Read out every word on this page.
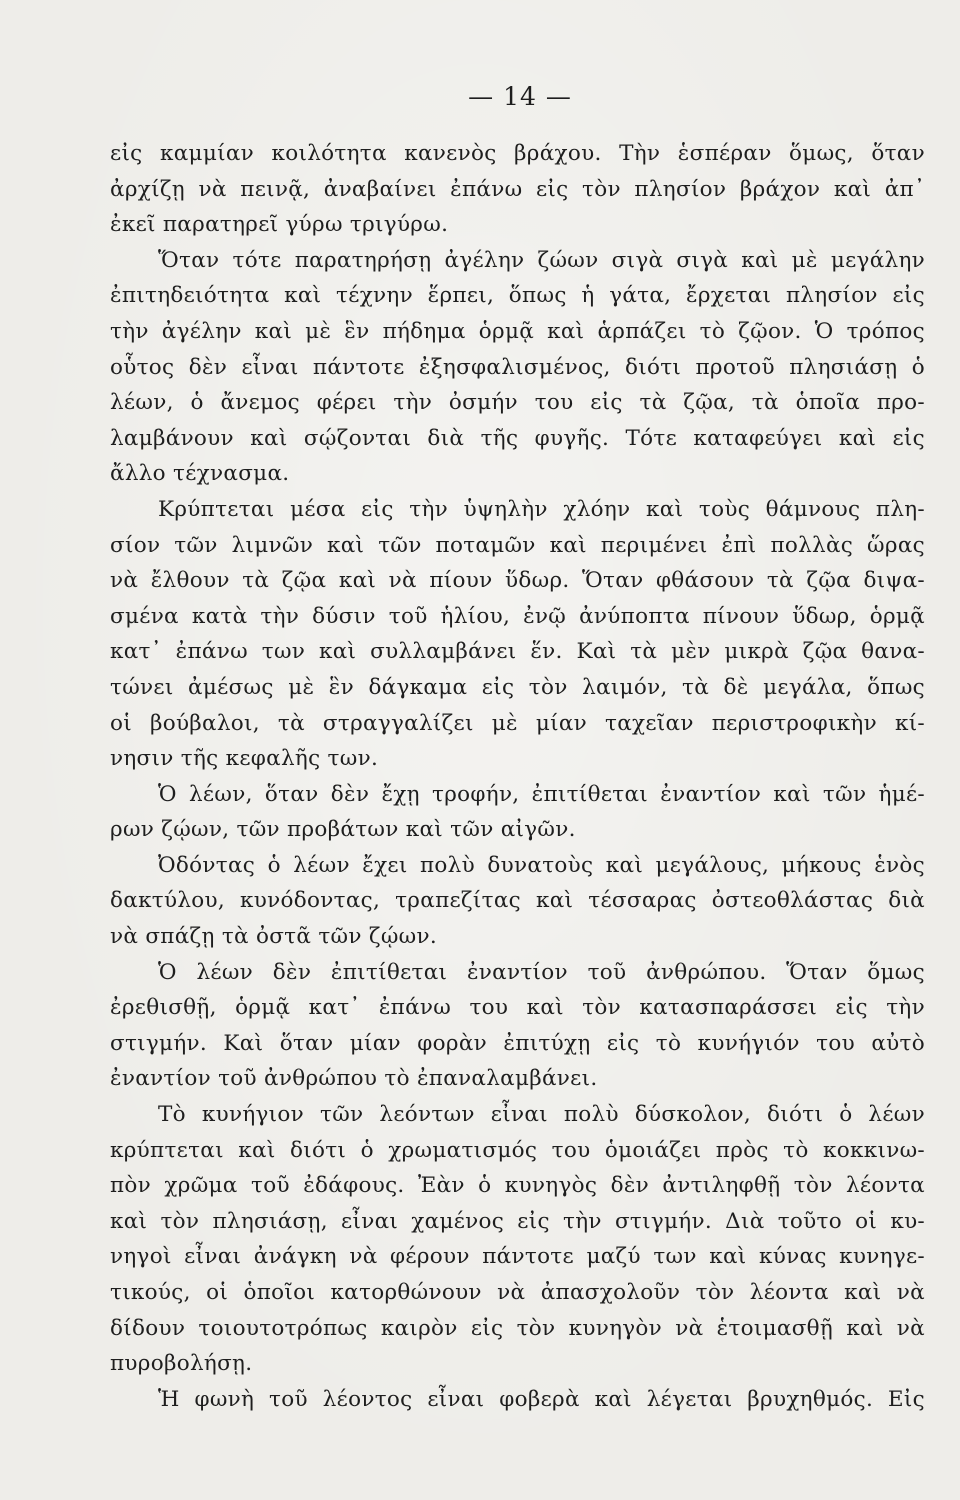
— 14 —
εἰς καμμίαν κοιλότητα κανενὸς βράχου. Τὴν ἑσπέραν ὅμως, ὅταν
ἀρχίζῃ νὰ πεινᾷ, ἀναβαίνει ἐπάνω εἰς τὸν πλησίον βράχον καὶ ἀπ᾿
ἐκεῖ παρατηρεῖ γύρω τριγύρω.
Ὅταν τότε παρατηρήσῃ ἀγέλην ζώων σιγὰ σιγὰ καὶ μὲ μεγάλην
ἐπιτηδειότητα καὶ τέχνην ἕρπει, ὅπως ἡ γάτα, ἔρχεται πλησίον εἰς
τὴν ἀγέλην καὶ μὲ ἓν πήδημα ὁρμᾷ καὶ ἁρπάζει τὸ ζῷον. Ὁ τρόπος
οὗτος δὲν εἶναι πάντοτε ἐξησφαλισμένος, διότι προτοῦ πλησιάσῃ ὁ
λέων, ὁ ἄνεμος φέρει τὴν ὀσμήν του εἰς τὰ ζῷα, τὰ ὁποῖα προ-
λαμβάνουν καὶ σῴζονται διὰ τῆς φυγῆς. Τότε καταφεύγει καὶ εἰς
ἄλλο τέχνασμα.
Κρύπτεται μέσα εἰς τὴν ὑψηλὴν χλόην καὶ τοὺς θάμνους πλη-
σίον τῶν λιμνῶν καὶ τῶν ποταμῶν καὶ περιμένει ἐπὶ πολλὰς ὥρας
νὰ ἔλθουν τὰ ζῷα καὶ νὰ πίουν ὕδωρ. Ὅταν φθάσουν τὰ ζῷα διψα-
σμένα κατὰ τὴν δύσιν τοῦ ἡλίου, ἐνῷ ἀνύποπτα πίνουν ὕδωρ, ὁρμᾷ
κατ᾿ ἐπάνω των καὶ συλλαμβάνει ἕν. Καὶ τὰ μὲν μικρὰ ζῷα θανα-
τώνει ἀμέσως μὲ ἓν δάγκαμα εἰς τὸν λαιμόν, τὰ δὲ μεγάλα, ὅπως
οἱ βούβαλοι, τὰ στραγγαλίζει μὲ μίαν ταχεῖαν περιστροφικὴν κί-
νησιν τῆς κεφαλῆς των.
Ὁ λέων, ὅταν δὲν ἔχῃ τροφήν, ἐπιτίθεται ἐναντίον καὶ τῶν ἡμέ-
ρων ζῴων, τῶν προβάτων καὶ τῶν αἰγῶν.
Ὀδόντας ὁ λέων ἔχει πολὺ δυνατοὺς καὶ μεγάλους, μήκους ἑνὸς
δακτύλου, κυνόδοντας, τραπεζίτας καὶ τέσσαρας ὀστεοθλάστας διὰ
νὰ σπάζῃ τὰ ὀστᾶ τῶν ζῴων.
Ὁ λέων δὲν ἐπιτίθεται ἐναντίον τοῦ ἀνθρώπου. Ὅταν ὅμως
ἐρεθισθῇ, ὁρμᾷ κατ᾿ ἐπάνω του καὶ τὸν κατασπαράσσει εἰς τὴν
στιγμήν. Καὶ ὅταν μίαν φορὰν ἐπιτύχῃ εἰς τὸ κυνήγιόν του αὐτὸ
ἐναντίον τοῦ ἀνθρώπου τὸ ἐπαναλαμβάνει.
Τὸ κυνήγιον τῶν λεόντων εἶναι πολὺ δύσκολον, διότι ὁ λέων
κρύπτεται καὶ διότι ὁ χρωματισμός του ὁμοιάζει πρὸς τὸ κοκκινω-
πὸν χρῶμα τοῦ ἐδάφους. Ἐὰν ὁ κυνηγὸς δὲν ἀντιληφθῇ τὸν λέοντα
καὶ τὸν πλησιάσῃ, εἶναι χαμένος εἰς τὴν στιγμήν. Διὰ τοῦτο οἱ κυ-
νηγοὶ εἶναι ἀνάγκη νὰ φέρουν πάντοτε μαζύ των καὶ κύνας κυνηγε-
τικούς, οἱ ὁποῖοι κατορθώνουν νὰ ἀπασχολοῦν τὸν λέοντα καὶ νὰ
δίδουν τοιουτοτρόπως καιρὸν εἰς τὸν κυνηγὸν νὰ ἑτοιμασθῇ καὶ νὰ
πυροβολήσῃ.
Ἡ φωνὴ τοῦ λέοντος εἶναι φοβερὰ καὶ λέγεται βρυχηθμός. Εἰς
